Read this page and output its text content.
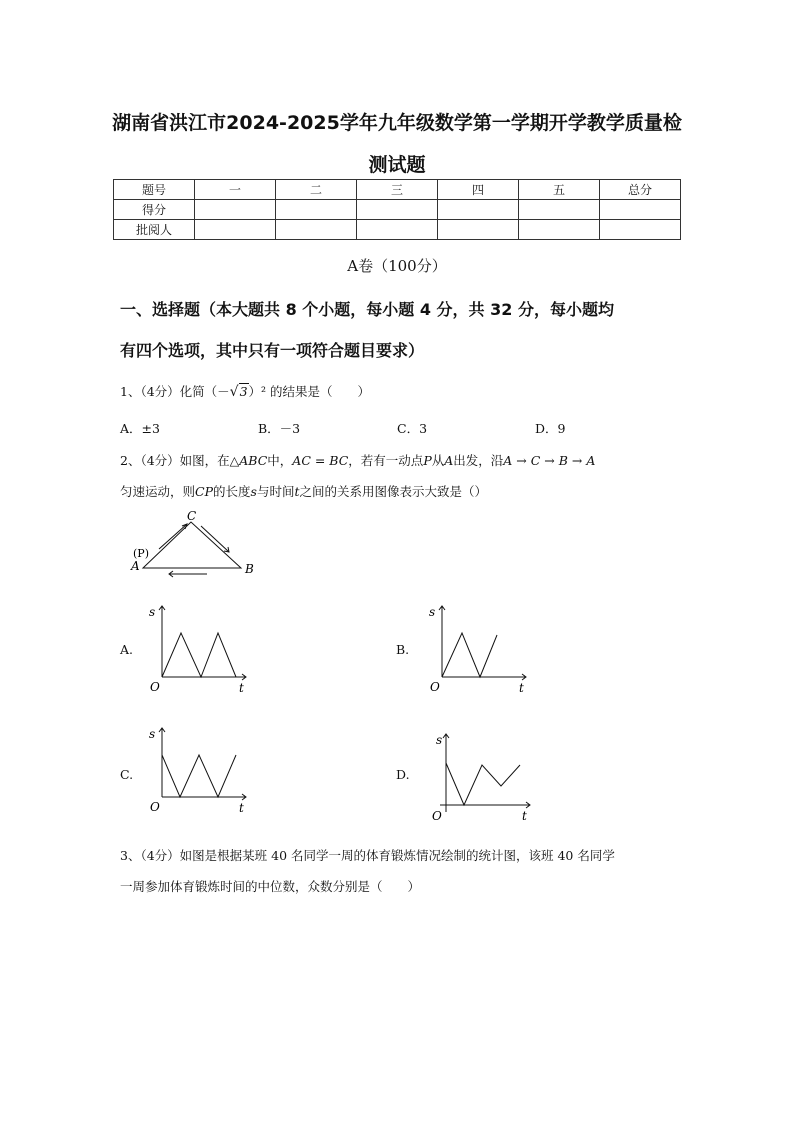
湖南省洪江市2024-2025学年九年级数学第一学期开学教学质量检
测试题
题号	一	二	三	四	五	总分
得分						
批阅人						
A卷（100分）
一、选择题（本大题共 8 个小题，每小题 4 分，共 32 分，每小题均
有四个选项，其中只有一项符合题目要求）
1、（4分）化简（－√3）² 的结果是（　　）
A．±3	B．－3	C．3	D．9
2、（4分）如图，在△ABC中，AC = BC，若有一动点P从A出发，沿A → C → B → A
匀速运动，则CP的长度s与时间t之间的关系用图像表示大致是（）
C
A	B
(P)
A.
s
O	t
B.
s
O	t
C.
s
O	t
D.
s
O	t
3、（4分）如图是根据某班 40 名同学一周的体育锻炼情况绘制的统计图，该班 40 名同学
一周参加体育锻炼时间的中位数，众数分别是（　　）
